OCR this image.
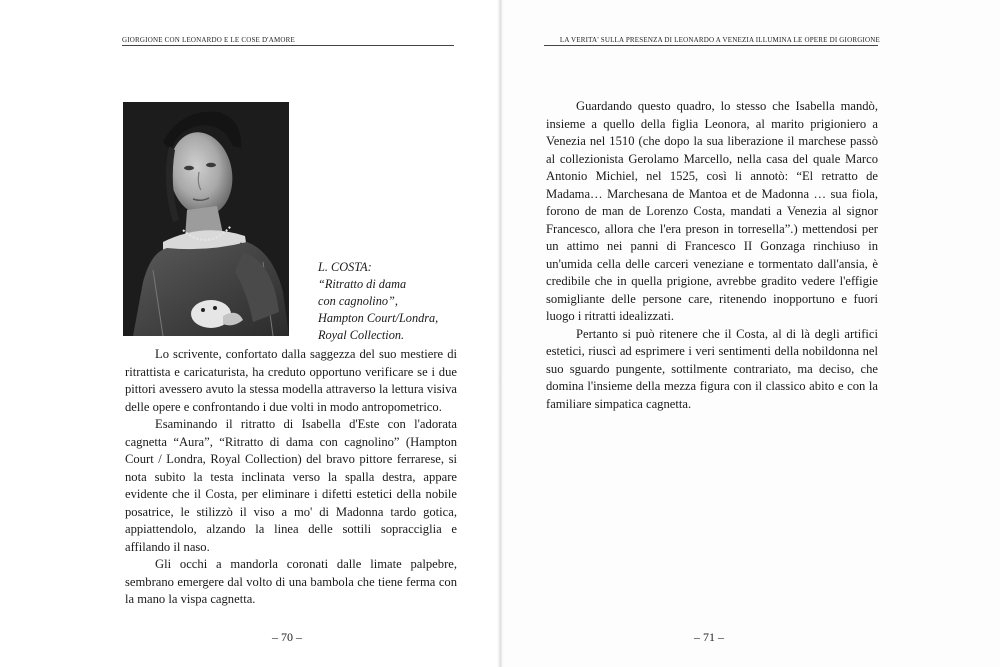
GIORGIONE CON LEONARDO E LE COSE D'AMORE	LA VERITA' SULLA PRESENZA DI LEONARDO A VENEZIA ILLUMINA LE OPERE DI GIORGIONE
L. COSTA:
“Ritratto di dama
con cagnolino”,
Hampton Court/Londra,
Royal Collection.

Lo scrivente, confortato dalla saggezza del suo mestiere di ritrattista e caricaturista, ha creduto opportuno verificare se i due pittori avessero avuto la stessa modella attraverso la lettura visiva delle opere e confrontando i due volti in modo antropometrico.

Esaminando il ritratto di Isabella d'Este con l'adorata cagnetta “Aura”, “Ritratto di dama con cagnolino” (Hampton Court / Londra, Royal Collection) del bravo pittore ferrarese, si nota subito la testa inclinata verso la spalla destra, appare evidente che il Costa, per eliminare i difetti estetici della nobile posatrice, le stilizzò il viso a mo' di Madonna tardo gotica, appiattendolo, alzando la linea delle sottili sopracciglia e affilando il naso.

Gli occhi a mandorla coronati dalle limate palpebre, sembrano emergere dal volto di una bambola che tiene ferma con la mano la vispa cagnetta.

Guardando questo quadro, lo stesso che Isabella mandò, insieme a quello della figlia Leonora, al marito prigioniero a Venezia nel 1510 (che dopo la sua liberazione il marchese passò al collezionista Gerolamo Marcello, nella casa del quale Marco Antonio Michiel, nel 1525, così li annotò: “El retratto de Madama… Marchesana de Mantoa et de Madonna … sua fiola, forono de man de Lorenzo Costa, mandati a Venezia al signor Francesco, allora che l'era preson in torresella”.) mettendosi per un attimo nei panni di Francesco II Gonzaga rinchiuso in un'umida cella delle carceri veneziane e tormentato dall'ansia, è credibile che in quella prigione, avrebbe gradito vedere l'effigie somigliante delle persone care, ritenendo inopportuno e fuori luogo i ritratti idealizzati.

Pertanto si può ritenere che il Costa, al di là degli artifici estetici, riuscì ad esprimere i veri sentimenti della nobildonna nel suo sguardo pungente, sottilmente contrariato, ma deciso, che domina l'insieme della mezza figura con il classico abito e con la familiare simpatica cagnetta.

– 70 –	– 71 –
